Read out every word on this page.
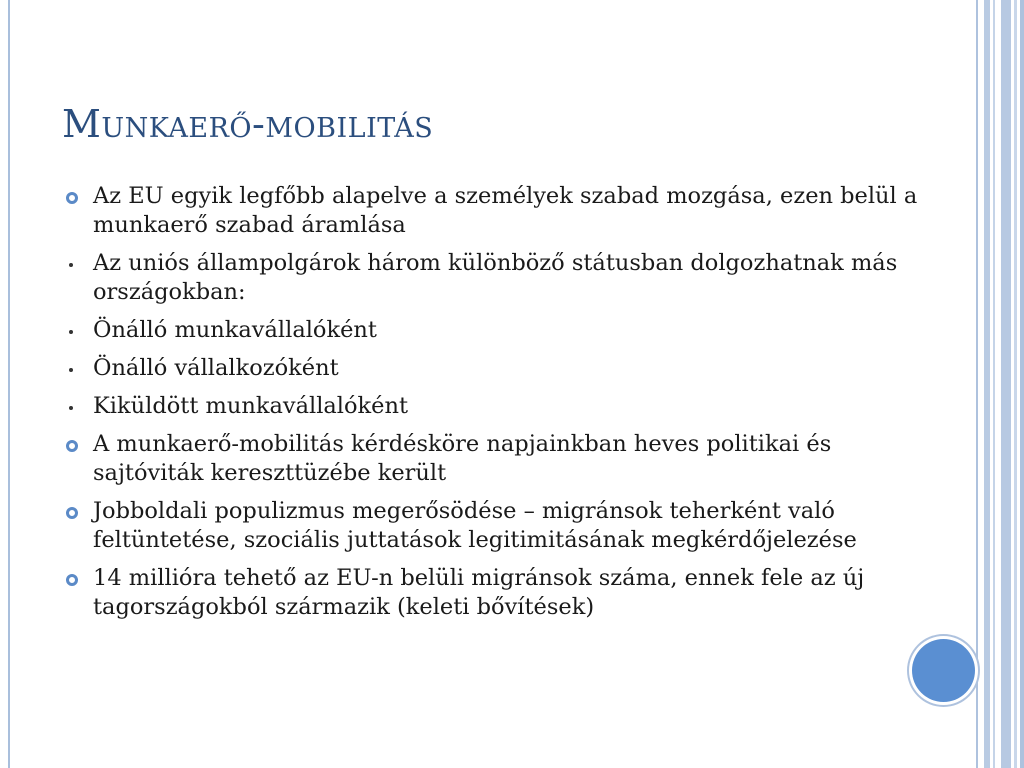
Munkaerő-mobilitás
Az EU egyik legfőbb alapelve a személyek szabad mozgása, ezen belül a munkaerő szabad áramlása
Az uniós állampolgárok három különböző státusban dolgozhatnak más országokban:
Önálló munkavállalóként
Önálló vállalkozóként
Kiküldött munkavállalóként
A munkaerő-mobilitás kérdésköre napjainkban heves politikai és sajtóviták kereszttüzébe került
Jobboldali populizmus megerősödése – migránsok teherként való feltüntetése, szociális juttatások legitimitásának megkérdőjelezése
14 millióra tehető az EU-n belüli migránsok száma, ennek fele az új tagországokból származik (keleti bővítések)
